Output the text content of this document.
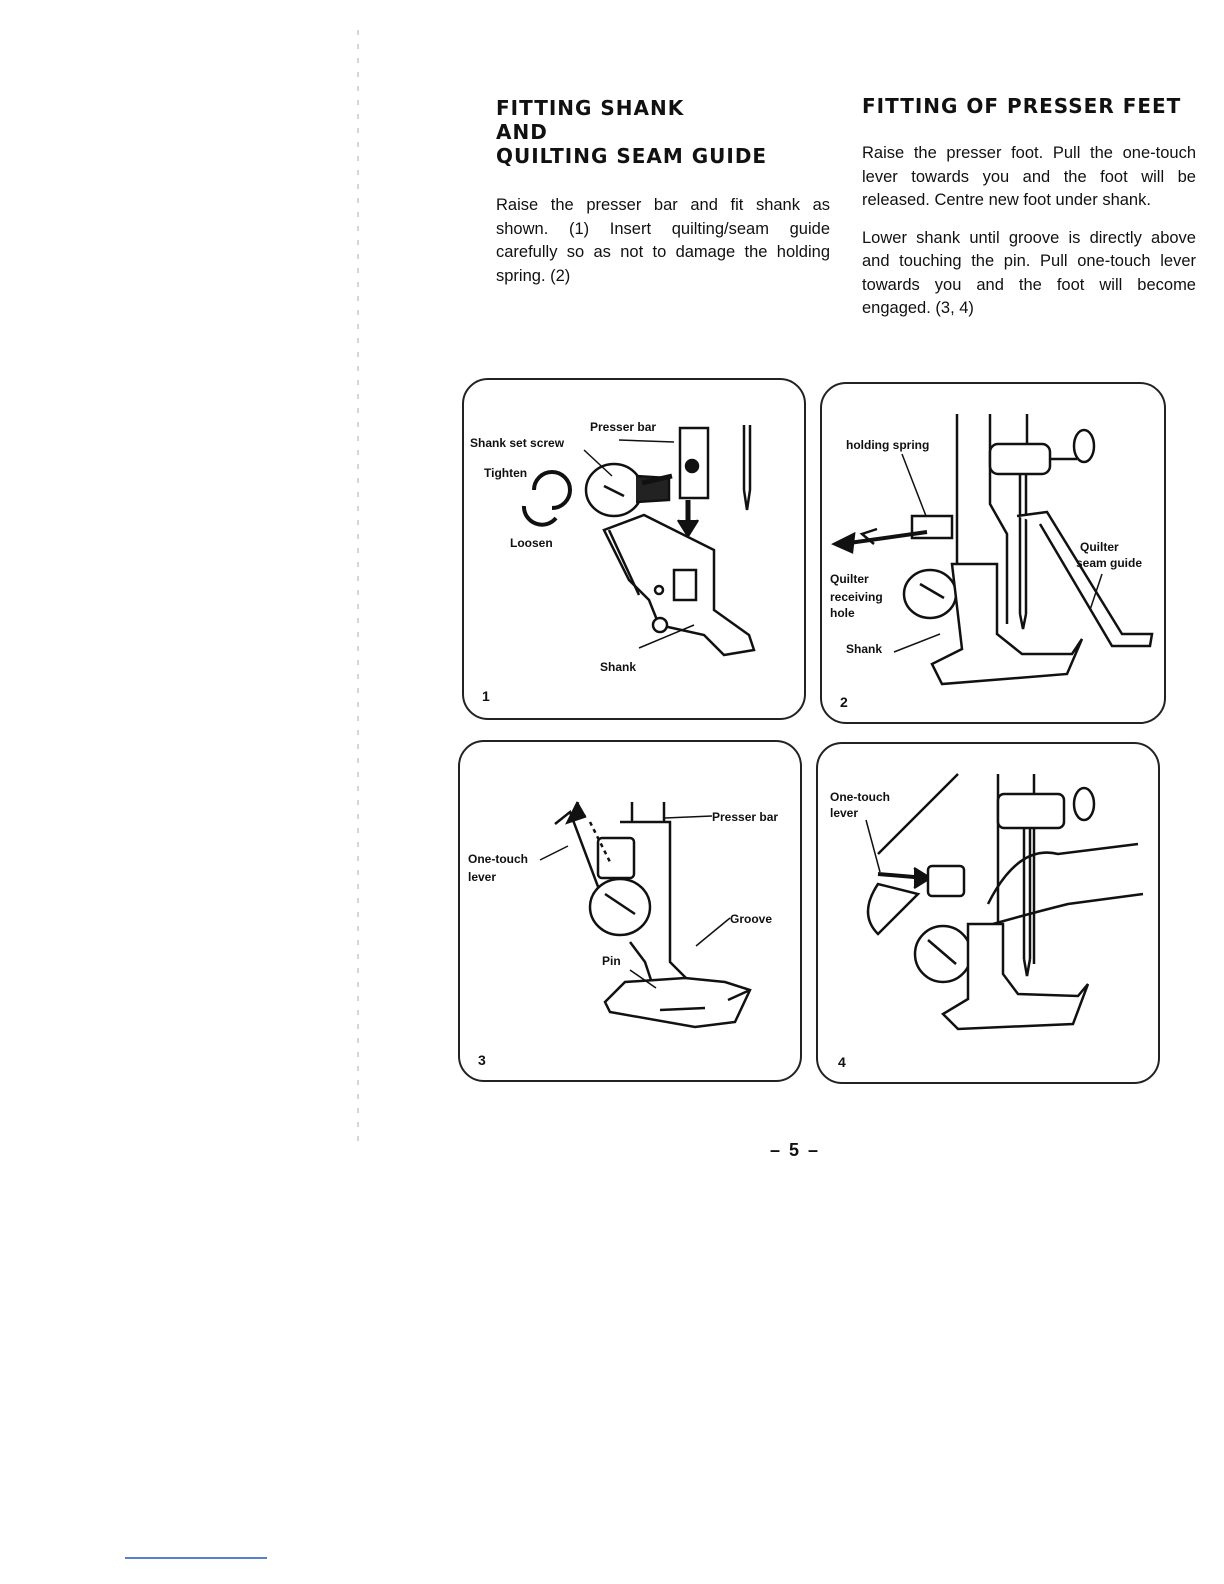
FITTING SHANK
AND
QUILTING SEAM GUIDE

Raise the presser bar and fit shank as shown. (1) Insert quilting/seam guide carefully so as not to damage the holding spring. (2)

FITTING OF PRESSER FEET

Raise the presser foot. Pull the one-touch lever towards you and the foot will be released. Centre new foot under shank.

Lower shank until groove is directly above and touching the pin. Pull one-touch lever towards you and the foot will become engaged. (3, 4)

Presser bar
Shank set screw
Tighten
Loosen
Shank
1
holding spring
Quilter
receiving
hole
Shank
Quilter
seam guide
2
Presser bar
One-touch
lever
Groove
Pin
3
One-touch
lever
4
– 5 –
